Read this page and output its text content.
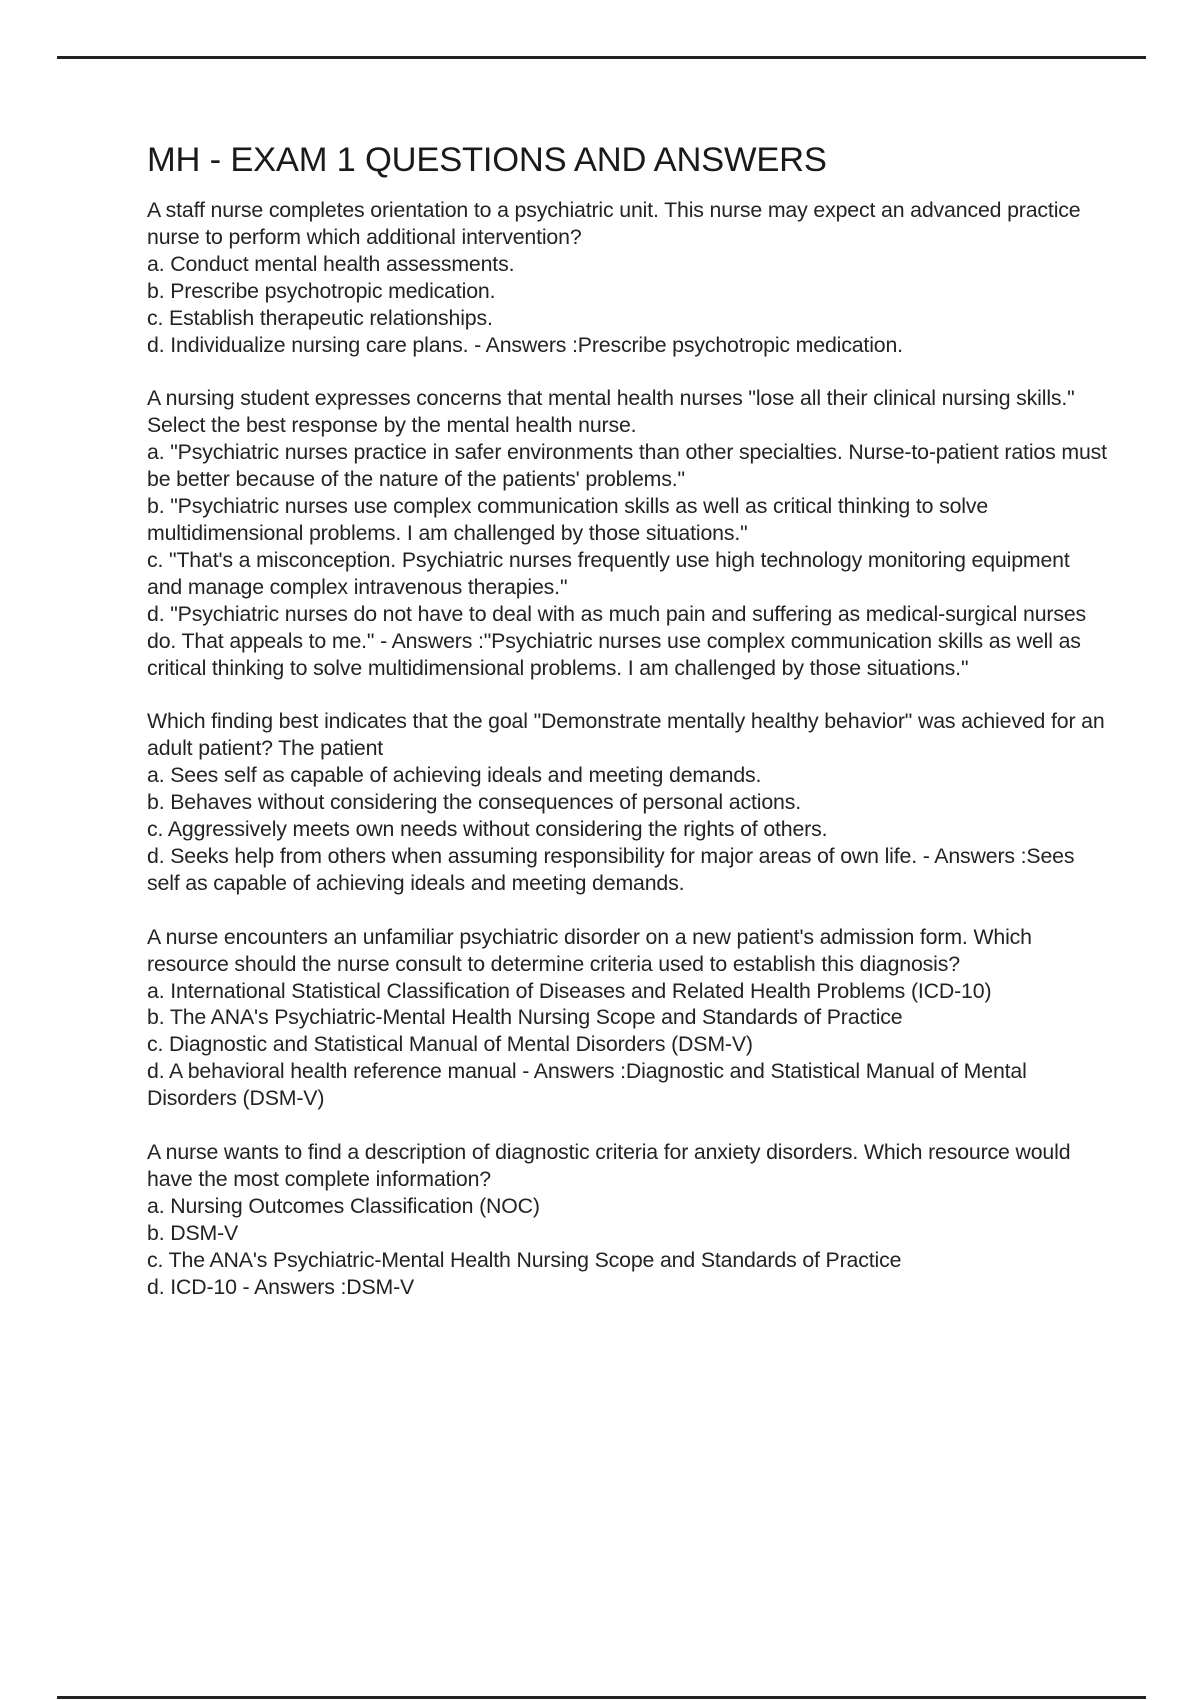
MH - EXAM 1 QUESTIONS AND ANSWERS

A staff nurse completes orientation to a psychiatric unit. This nurse may expect an advanced practice nurse to perform which additional intervention?

a. Conduct mental health assessments.

b. Prescribe psychotropic medication.

c. Establish therapeutic relationships.

d. Individualize nursing care plans. - Answers :Prescribe psychotropic medication.

A nursing student expresses concerns that mental health nurses "lose all their clinical nursing skills." Select the best response by the mental health nurse.

a. "Psychiatric nurses practice in safer environments than other specialties. Nurse-to-patient ratios must be better because of the nature of the patients' problems."

b. "Psychiatric nurses use complex communication skills as well as critical thinking to solve multidimensional problems. I am challenged by those situations."

c. "That's a misconception. Psychiatric nurses frequently use high technology monitoring equipment and manage complex intravenous therapies."

d. "Psychiatric nurses do not have to deal with as much pain and suffering as medical-surgical nurses do. That appeals to me." - Answers :"Psychiatric nurses use complex communication skills as well as critical thinking to solve multidimensional problems. I am challenged by those situations."

Which finding best indicates that the goal "Demonstrate mentally healthy behavior" was achieved for an adult patient? The patient

a. Sees self as capable of achieving ideals and meeting demands.

b. Behaves without considering the consequences of personal actions.

c. Aggressively meets own needs without considering the rights of others.

d. Seeks help from others when assuming responsibility for major areas of own life. - Answers :Sees self as capable of achieving ideals and meeting demands.

A nurse encounters an unfamiliar psychiatric disorder on a new patient's admission form. Which resource should the nurse consult to determine criteria used to establish this diagnosis?

a. International Statistical Classification of Diseases and Related Health Problems (ICD-10)

b. The ANA's Psychiatric-Mental Health Nursing Scope and Standards of Practice

c. Diagnostic and Statistical Manual of Mental Disorders (DSM-V)

d. A behavioral health reference manual - Answers :Diagnostic and Statistical Manual of Mental Disorders (DSM-V)

A nurse wants to find a description of diagnostic criteria for anxiety disorders. Which resource would have the most complete information?

a. Nursing Outcomes Classification (NOC)

b. DSM-V

c. The ANA's Psychiatric-Mental Health Nursing Scope and Standards of Practice

d. ICD-10 - Answers :DSM-V
